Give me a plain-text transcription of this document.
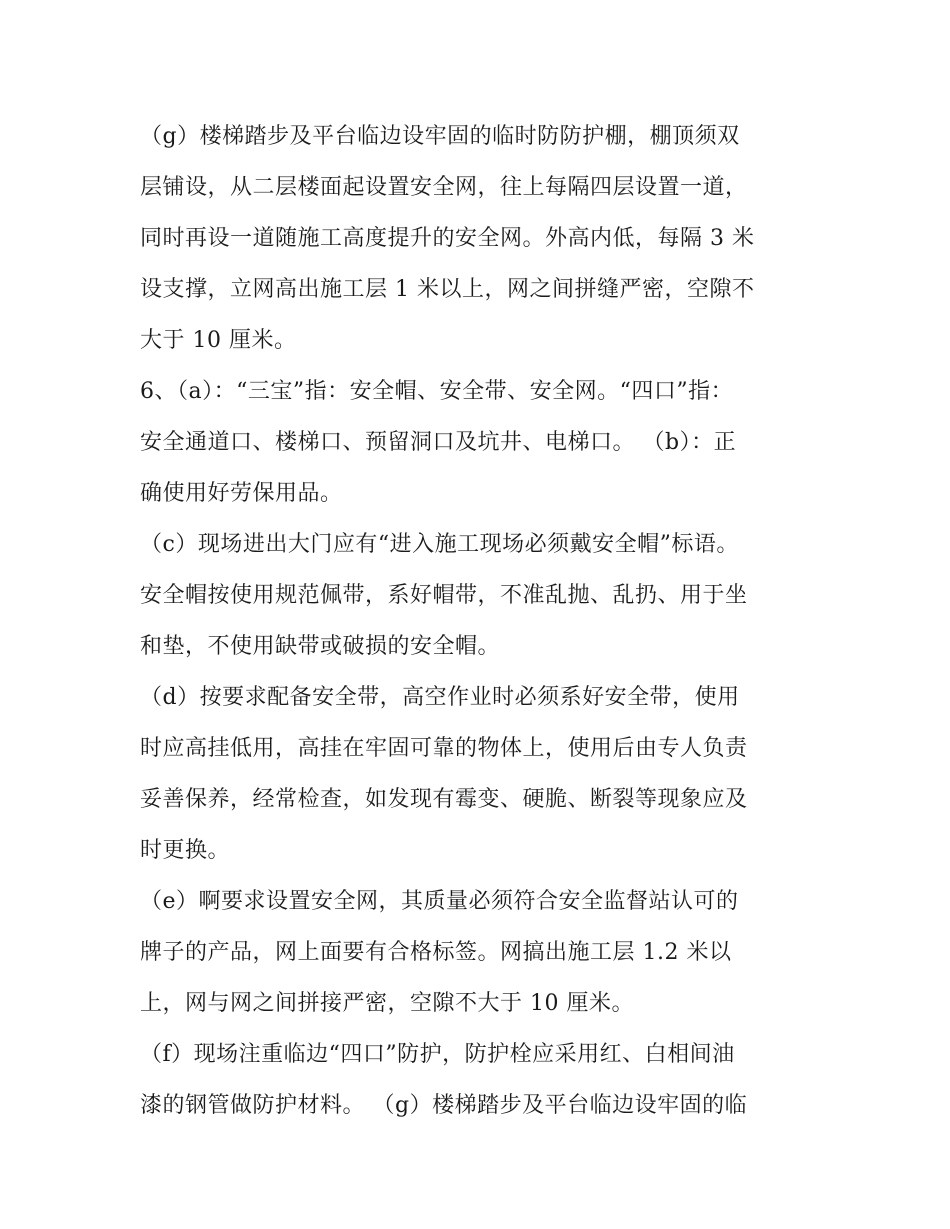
（g）楼梯踏步及平台临边设牢固的临时防防护棚，棚顶须双
层铺设，从二层楼面起设置安全网，往上每隔四层设置一道，
同时再设一道随施工高度提升的安全网。外高内低，每隔 3 米
设支撑，立网高出施工层 1 米以上，网之间拼缝严密，空隙不
大于 10 厘米。
6、（a）：“三宝”指：安全帽、安全带、安全网。“四口”指：
安全通道口、楼梯口、预留洞口及坑井、电梯口。 （b）：正
确使用好劳保用品。
（c）现场进出大门应有“进入施工现场必须戴安全帽”标语。
安全帽按使用规范佩带，系好帽带，不准乱抛、乱扔、用于坐
和垫，不使用缺带或破损的安全帽。
（d）按要求配备安全带，高空作业时必须系好安全带，使用
时应高挂低用，高挂在牢固可靠的物体上，使用后由专人负责
妥善保养，经常检查，如发现有霉变、硬脆、断裂等现象应及
时更换。
（e）啊要求设置安全网，其质量必须符合安全监督站认可的
牌子的产品，网上面要有合格标签。网搞出施工层 1.2 米以
上，网与网之间拼接严密，空隙不大于 10 厘米。
（f）现场注重临边“四口”防护，防护栓应采用红、白相间油
漆的钢管做防护材料。 （g）楼梯踏步及平台临边设牢固的临
